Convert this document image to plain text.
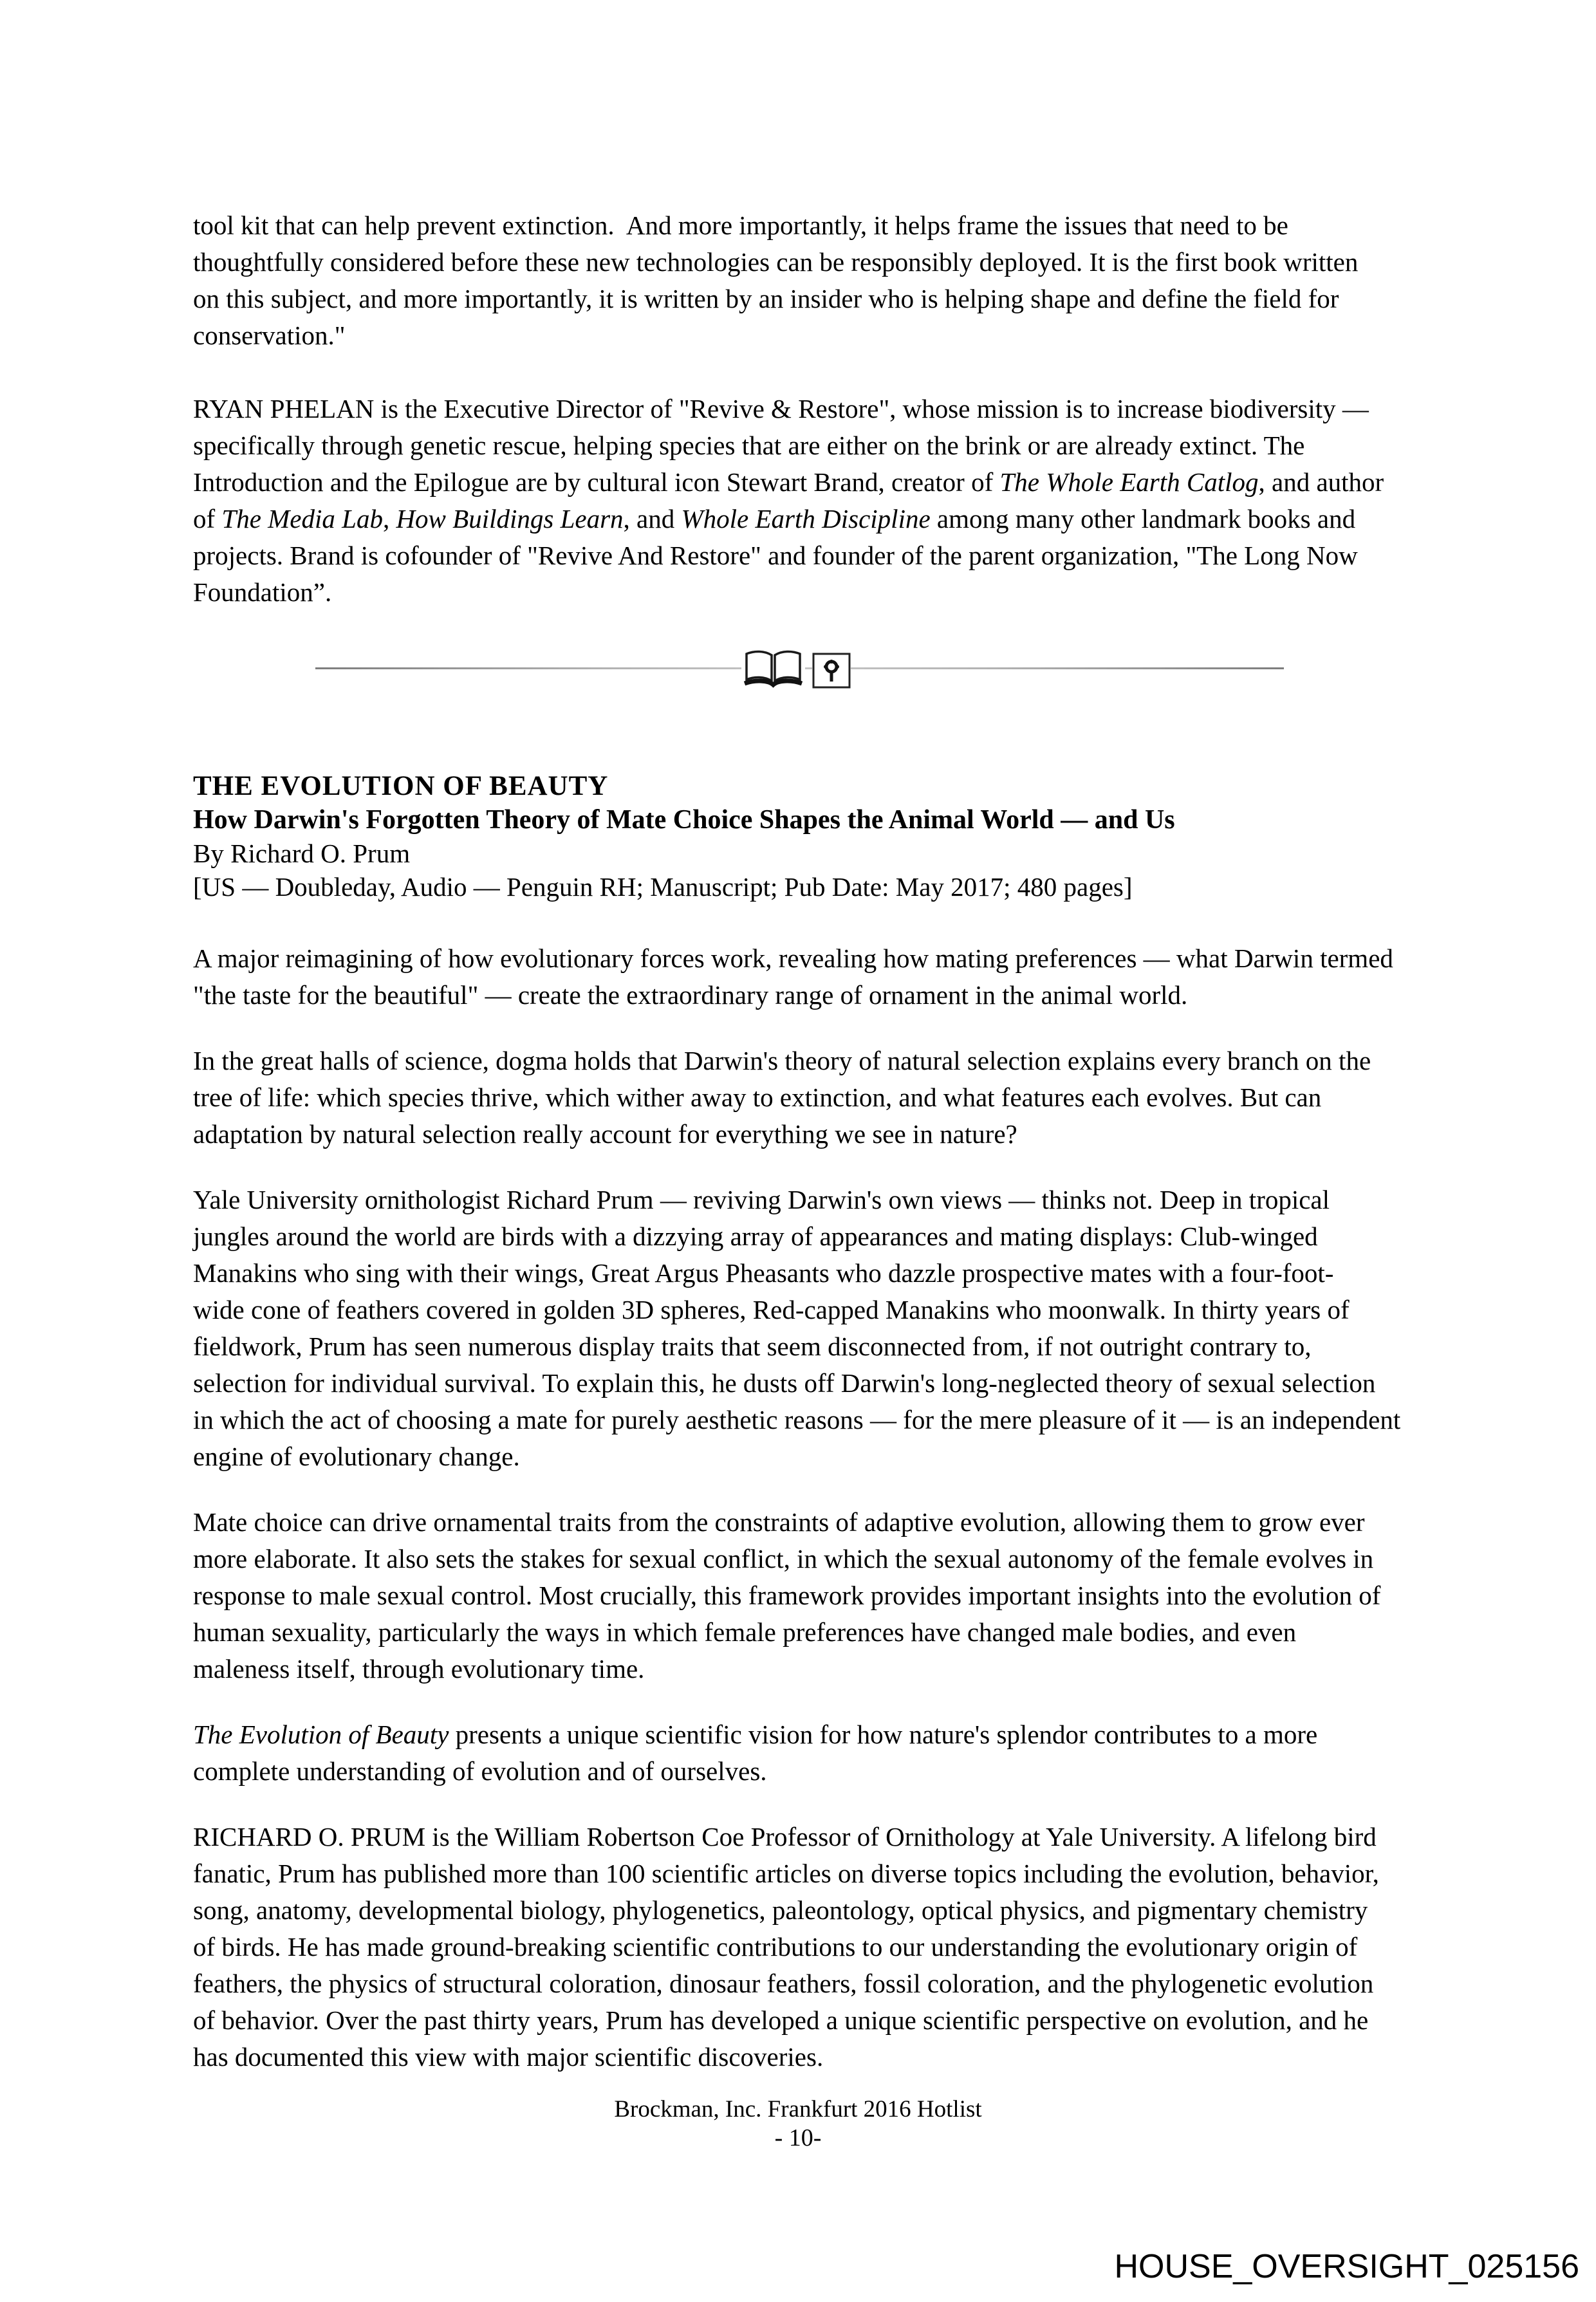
tool kit that can help prevent extinction.  And more importantly, it helps frame the issues that need to be
thoughtfully considered before these new technologies can be responsibly deployed. It is the first book written
on this subject, and more importantly, it is written by an insider who is helping shape and define the field for
conservation."
RYAN PHELAN is the Executive Director of "Revive & Restore", whose mission is to increase biodiversity —
specifically through genetic rescue, helping species that are either on the brink or are already extinct. The
Introduction and the Epilogue are by cultural icon Stewart Brand, creator of The Whole Earth Catlog, and author
of The Media Lab, How Buildings Learn, and Whole Earth Discipline among many other landmark books and
projects. Brand is cofounder of "Revive And Restore" and founder of the parent organization, "The Long Now
Foundation”.
THE EVOLUTION OF BEAUTY
How Darwin's Forgotten Theory of Mate Choice Shapes the Animal World — and Us
By Richard O. Prum
[US — Doubleday, Audio — Penguin RH; Manuscript; Pub Date: May 2017; 480 pages]
A major reimagining of how evolutionary forces work, revealing how mating preferences — what Darwin termed
"the taste for the beautiful" — create the extraordinary range of ornament in the animal world.
In the great halls of science, dogma holds that Darwin's theory of natural selection explains every branch on the
tree of life: which species thrive, which wither away to extinction, and what features each evolves. But can
adaptation by natural selection really account for everything we see in nature?
Yale University ornithologist Richard Prum — reviving Darwin's own views — thinks not. Deep in tropical
jungles around the world are birds with a dizzying array of appearances and mating displays: Club-winged
Manakins who sing with their wings, Great Argus Pheasants who dazzle prospective mates with a four-foot-
wide cone of feathers covered in golden 3D spheres, Red-capped Manakins who moonwalk. In thirty years of
fieldwork, Prum has seen numerous display traits that seem disconnected from, if not outright contrary to,
selection for individual survival. To explain this, he dusts off Darwin's long-neglected theory of sexual selection
in which the act of choosing a mate for purely aesthetic reasons — for the mere pleasure of it — is an independent
engine of evolutionary change.
Mate choice can drive ornamental traits from the constraints of adaptive evolution, allowing them to grow ever
more elaborate. It also sets the stakes for sexual conflict, in which the sexual autonomy of the female evolves in
response to male sexual control. Most crucially, this framework provides important insights into the evolution of
human sexuality, particularly the ways in which female preferences have changed male bodies, and even
maleness itself, through evolutionary time.
The Evolution of Beauty presents a unique scientific vision for how nature's splendor contributes to a more
complete understanding of evolution and of ourselves.
RICHARD O. PRUM is the William Robertson Coe Professor of Ornithology at Yale University. A lifelong bird
fanatic, Prum has published more than 100 scientific articles on diverse topics including the evolution, behavior,
song, anatomy, developmental biology, phylogenetics, paleontology, optical physics, and pigmentary chemistry
of birds. He has made ground-breaking scientific contributions to our understanding the evolutionary origin of
feathers, the physics of structural coloration, dinosaur feathers, fossil coloration, and the phylogenetic evolution
of behavior. Over the past thirty years, Prum has developed a unique scientific perspective on evolution, and he
has documented this view with major scientific discoveries.
Brockman, Inc. Frankfurt 2016 Hotlist
- 10-
HOUSE_OVERSIGHT_025156
